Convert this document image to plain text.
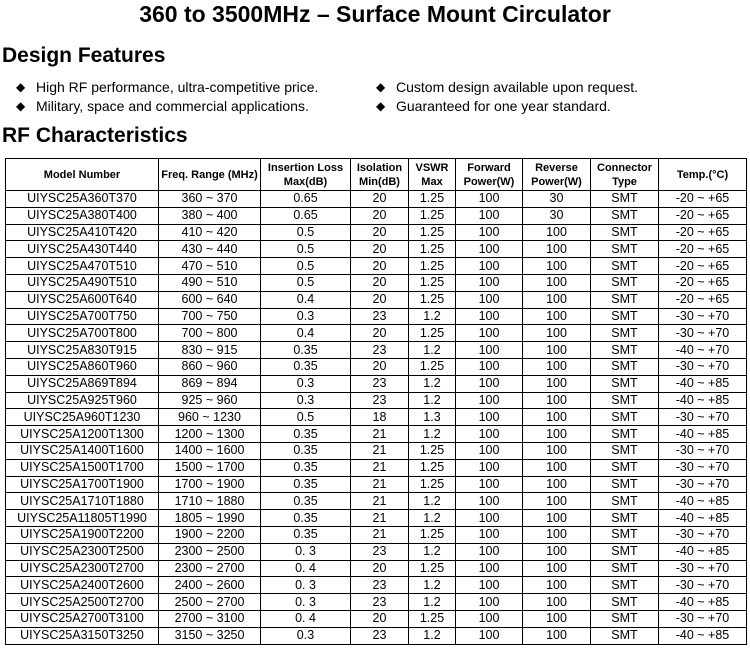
360 to 3500MHz – Surface Mount Circulator
Design Features
◆ High RF performance, ultra-competitive price.
◆ Military, space and commercial applications.
◆ Custom design available upon request.
◆ Guaranteed for one year standard.
RF Characteristics
Model Number	Freq. Range (MHz)	Insertion Loss Max(dB)	Isolation Min(dB)	VSWR Max	Forward Power(W)	Reverse Power(W)	Connector Type	Temp.(°C)
UIYSC25A360T370	360 ~ 370	0.65	20	1.25	100	30	SMT	-20 ~ +65
UIYSC25A380T400	380 ~ 400	0.65	20	1.25	100	30	SMT	-20 ~ +65
UIYSC25A410T420	410 ~ 420	0.5	20	1.25	100	100	SMT	-20 ~ +65
UIYSC25A430T440	430 ~ 440	0.5	20	1.25	100	100	SMT	-20 ~ +65
UIYSC25A470T510	470 ~ 510	0.5	20	1.25	100	100	SMT	-20 ~ +65
UIYSC25A490T510	490 ~ 510	0.5	20	1.25	100	100	SMT	-20 ~ +65
UIYSC25A600T640	600 ~ 640	0.4	20	1.25	100	100	SMT	-20 ~ +65
UIYSC25A700T750	700 ~ 750	0.3	23	1.2	100	100	SMT	-30 ~ +70
UIYSC25A700T800	700 ~ 800	0.4	20	1.25	100	100	SMT	-30 ~ +70
UIYSC25A830T915	830 ~ 915	0.35	23	1.2	100	100	SMT	-40 ~ +70
UIYSC25A860T960	860 ~ 960	0.35	20	1.25	100	100	SMT	-30 ~ +70
UIYSC25A869T894	869 ~ 894	0.3	23	1.2	100	100	SMT	-40 ~ +85
UIYSC25A925T960	925 ~ 960	0.3	23	1.2	100	100	SMT	-40 ~ +85
UIYSC25A960T1230	960 ~ 1230	0.5	18	1.3	100	100	SMT	-30 ~ +70
UIYSC25A1200T1300	1200 ~ 1300	0.35	21	1.2	100	100	SMT	-40 ~ +85
UIYSC25A1400T1600	1400 ~ 1600	0.35	21	1.25	100	100	SMT	-30 ~ +70
UIYSC25A1500T1700	1500 ~ 1700	0.35	21	1.25	100	100	SMT	-30 ~ +70
UIYSC25A1700T1900	1700 ~ 1900	0.35	21	1.25	100	100	SMT	-30 ~ +70
UIYSC25A1710T1880	1710 ~ 1880	0.35	21	1.2	100	100	SMT	-40 ~ +85
UIYSC25A11805T1990	1805 ~ 1990	0.35	21	1.2	100	100	SMT	-40 ~ +85
UIYSC25A1900T2200	1900 ~ 2200	0.35	21	1.25	100	100	SMT	-30 ~ +70
UIYSC25A2300T2500	2300 ~ 2500	0. 3	23	1.2	100	100	SMT	-40 ~ +85
UIYSC25A2300T2700	2300 ~ 2700	0. 4	20	1.25	100	100	SMT	-30 ~ +70
UIYSC25A2400T2600	2400 ~ 2600	0. 3	23	1.2	100	100	SMT	-30 ~ +70
UIYSC25A2500T2700	2500 ~ 2700	0. 3	23	1.2	100	100	SMT	-40 ~ +85
UIYSC25A2700T3100	2700 ~ 3100	0. 4	20	1.25	100	100	SMT	-30 ~ +70
UIYSC25A3150T3250	3150 ~ 3250	0.3	23	1.2	100	100	SMT	-40 ~ +85
